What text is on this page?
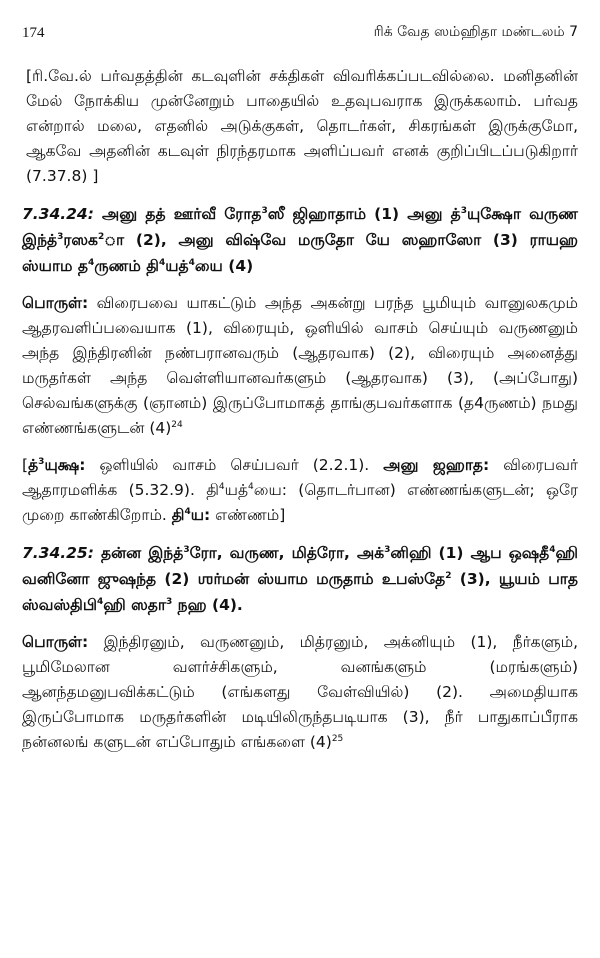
174	ரிக் வேத ஸம்ஹிதா மண்டலம் 7

[ரி.வே.ல் பர்வதத்தின் கடவுளின் சக்திகள் விவரிக்கப்படவில்லை. மனிதனின் மேல் நோக்கிய முன்னேறும் பாதையில் உதவுபவராக இருக்கலாம். பர்வத என்றால் மலை, எதனில் அடுக்குகள், தொடர்கள், சிகரங்கள் இருக்குமோ, ஆகவே அதனின் கடவுள் நிரந்தரமாக அளிப்பவர் எனக் குறிப்பிடப்படுகிறார் (7.37.8) ]

7.34.24: அனு தத் ஊர்வீ ரோத$^3$ஸீ ஜிஹாதாம் (1) அனு த்$^3$யுக்ஷோ வருண இந்த்$^3$ரஸக$^2$ா (2), அனு விஷ்வே மருதோ யே ஸஹாஸோ (3) ராயஹ ஸ்யாம த$^4$ருணம் தி$^4$யத்$^4$யை (4)

பொருள்: விரைபவை யாகட்டும் அந்த அகன்று பரந்த பூமியும் வானுலகமும் ஆதரவளிப்பவையாக (1), விரையும், ஒளியில் வாசம் செய்யும் வருணனும் அந்த இந்திரனின் நண்பரானவரும் (ஆதரவாக) (2), விரையும் அனைத்து மருதர்கள் அந்த வெள்ளியானவர்களும் (ஆதரவாக) (3), (அப்போது) செல்வங்களுக்கு (ஞானம்) இருப்போமாகத் தாங்குபவர்களாக (த4ருணம்) நமது எண்ணங்களுடன் $(4)^{24}$

[த்$^3$யுக்ஷ: ஒளியில் வாசம் செய்பவர் (2.2.1). அனு ஜஹாத: விரைபவர் ஆதாரமளிக்க (5.32.9). தி$^4$யத்$^4$யை: (தொடர்பான) எண்ணங்களுடன்; ஒரே முறை காண்கிறோம். தி$^4$ய: எண்ணம்]

7.34.25: தன்ன இந்த்$^3$ரோ, வருண, மித்ரோ, அக்$^3$னிஹி (1) ஆப ஒஷதீ$^4$ஹி வனினோ ஜுஷந்த (2) ஶர்மன் ஸ்யாம மருதாம் உபஸ்தே$^2$ (3), யூயம் பாத ஸ்வஸ்திபி$^4$ஹி ஸதா$^3$ நஹ (4).

பொருள்: இந்திரனும், வருணனும், மித்ரனும், அக்னியும் (1), நீர்களும், பூமிமேலான வளர்ச்சிகளும், வனங்களும் (மரங்களும்) ஆனந்தமனுபவிக்கட்டும் (எங்களது வேள்வியில்) (2). அமைதியாக இருப்போமாக மருதர்களின் மடியிலிருந்தபடியாக (3), நீர் பாதுகாப்பீராக நன்னலங் களுடன் எப்போதும் எங்களை $(4)^{25}$
